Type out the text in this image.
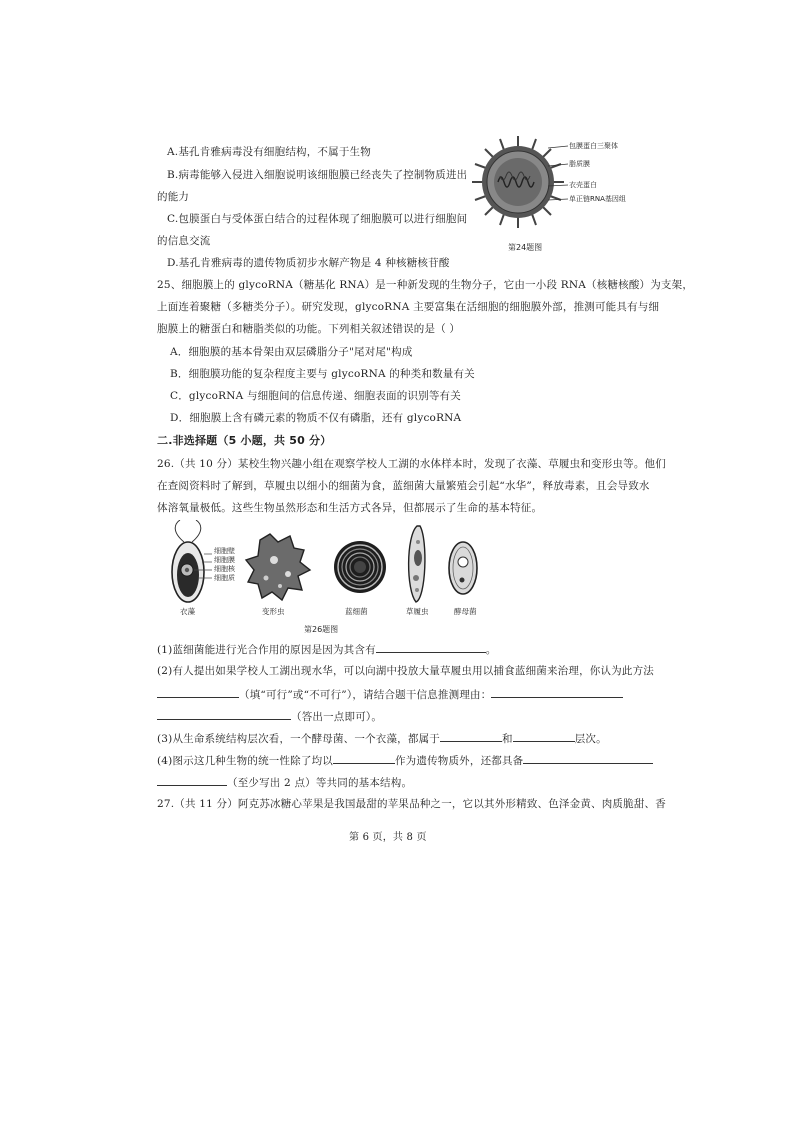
A.基孔肯雅病毒没有细胞结构，不属于生物
B.病毒能够入侵进入细胞说明该细胞膜已经丧失了控制物质进出
的能力
C.包膜蛋白与受体蛋白结合的过程体现了细胞膜可以进行细胞间
的信息交流
D.基孔肯雅病毒的遗传物质初步水解产物是 4 种核糖核苷酸
包膜蛋白三聚体
脂质膜
衣壳蛋白
单正链RNA基因组
第24题图
25、细胞膜上的 glycoRNA（糖基化 RNA）是一种新发现的生物分子，它由一小段 RNA（核糖核酸）为支架，
上面连着聚糖（多糖类分子）。研究发现，glycoRNA 主要富集在活细胞的细胞膜外部，推测可能具有与细
胞膜上的糖蛋白和糖脂类似的功能。下列相关叙述错误的是（ ）
A．细胞膜的基本骨架由双层磷脂分子"尾对尾"构成
B．细胞膜功能的复杂程度主要与 glycoRNA 的种类和数量有关
C．glycoRNA 与细胞间的信息传递、细胞表面的识别等有关
D．细胞膜上含有磷元素的物质不仅有磷脂，还有 glycoRNA
二.非选择题（5 小题，共 50 分）
26.（共 10 分）某校生物兴趣小组在观察学校人工湖的水体样本时，发现了衣藻、草履虫和变形虫等。他们
在查阅资料时了解到，草履虫以细小的细菌为食，蓝细菌大量繁殖会引起“水华”，释放毒素，且会导致水
体溶氧量极低。这些生物虽然形态和生活方式各异，但都展示了生命的基本特征。
细胞壁
细胞膜
细胞核
细胞质
衣藻	变形虫	蓝细菌	草履虫	酵母菌
第26题图
(1)蓝细菌能进行光合作用的原因是因为其含有	。
(2)有人提出如果学校人工湖出现水华，可以向湖中投放大量草履虫用以捕食蓝细菌来治理，你认为此方法
（填“可行”或“不可行”），请结合题干信息推测理由：
（答出一点即可）。
(3)从生命系统结构层次看，一个酵母菌、一个衣藻，都属于	和	层次。
(4)图示这几种生物的统一性除了均以	作为遗传物质外，还都具备
（至少写出 2 点）等共同的基本结构。
27.（共 11 分）阿克苏冰糖心苹果是我国最甜的苹果品种之一，它以其外形精致、色泽金黄、肉质脆甜、香
第 6 页，共 8 页
